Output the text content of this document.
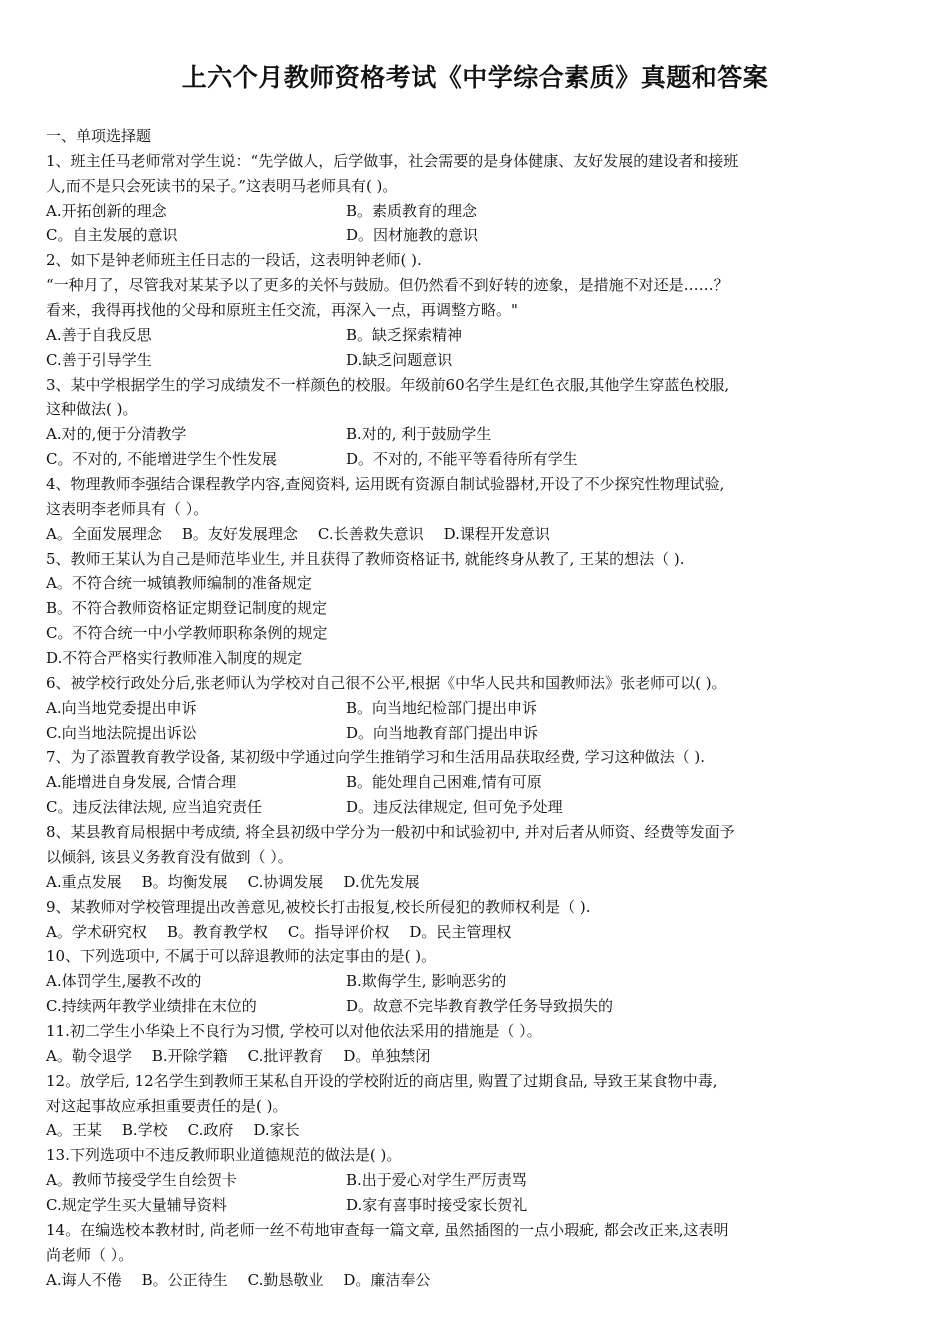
上六个月教师资格考试《中学综合素质》真题和答案
一、单项选择题
1、班主任马老师常对学生说：“先学做人，后学做事，社会需要的是身体健康、友好发展的建设者和接班
人,而不是只会死读书的呆子。”这表明马老师具有( )。
A.开拓创新的理念	B。素质教育的理念
C。自主发展的意识	D。因材施教的意识
2、如下是钟老师班主任日志的一段话，这表明钟老师( ).
“一种月了，尽管我对某某予以了更多的关怀与鼓励。但仍然看不到好转的迹象，是措施不对还是……？
看来，我得再找他的父母和原班主任交流，再深入一点，再调整方略。"
A.善于自我反思	B。缺乏探索精神
C.善于引导学生	D.缺乏问题意识
3、某中学根据学生的学习成绩发不一样颜色的校服。年级前60名学生是红色衣服,其他学生穿蓝色校服,
这种做法( )。
A.对的,便于分清教学	B.对的, 利于鼓励学生
C。不对的, 不能增进学生个性发展	D。不对的, 不能平等看待所有学生
4、物理教师李强结合课程教学内容,查阅资料, 运用既有资源自制试验器材,开设了不少探究性物理试验,
这表明李老师具有（ ）。
A。全面发展理念 B。友好发展理念 C.长善救失意识 D.课程开发意识
5、教师王某认为自己是师范毕业生, 并且获得了教师资格证书, 就能终身从教了, 王某的想法（ ).
A。不符合统一城镇教师编制的准备规定
B。不符合教师资格证定期登记制度的规定
C。不符合统一中小学教师职称条例的规定
D.不符合严格实行教师准入制度的规定
6、被学校行政处分后,张老师认为学校对自己很不公平,根据《中华人民共和国教师法》张老师可以( )。
A.向当地党委提出申诉	B。向当地纪检部门提出申诉
C.向当地法院提出诉讼	D。向当地教育部门提出申诉
7、为了添置教育教学设备, 某初级中学通过向学生推销学习和生活用品获取经费, 学习这种做法（ ).
A.能增进自身发展, 合情合理	B。能处理自己困难,情有可原
C。违反法律法规, 应当追究责任	D。违反法律规定, 但可免予处理
8、某县教育局根据中考成绩, 将全县初级中学分为一般初中和试验初中, 并对后者从师资、经费等发面予
以倾斜, 该县义务教育没有做到（ ）。
A.重点发展 B。均衡发展 C.协调发展 D.优先发展
9、某教师对学校管理提出改善意见,被校长打击报复,校长所侵犯的教师权利是（ ).
A。学术研究权 B。教育教学权 C。指导评价权 D。民主管理权
10、下列选项中, 不属于可以辞退教师的法定事由的是( )。
A.体罚学生,屡教不改的	B.欺侮学生, 影响恶劣的
C.持续两年教学业绩排在末位的	D。故意不完毕教育教学任务导致损失的
11.初二学生小华染上不良行为习惯, 学校可以对他依法采用的措施是（ ）。
A。勒令退学 B.开除学籍 C.批评教育 D。单独禁闭
12。放学后, 12名学生到教师王某私自开设的学校附近的商店里, 购置了过期食品, 导致王某食物中毒,
对这起事故应承担重要责任的是( )。
A。王某 B.学校 C.政府 D.家长
13.下列选项中不违反教师职业道德规范的做法是( )。
A。教师节接受学生自绘贺卡	B.出于爱心对学生严厉责骂
C.规定学生买大量辅导资料	D.家有喜事时接受家长贺礼
14。在编选校本教材时, 尚老师一丝不苟地审查每一篇文章, 虽然插图的一点小瑕疵, 都会改正来,这表明
尚老师（ ）。
A.诲人不倦 B。公正待生 C.勤恳敬业 D。廉洁奉公
